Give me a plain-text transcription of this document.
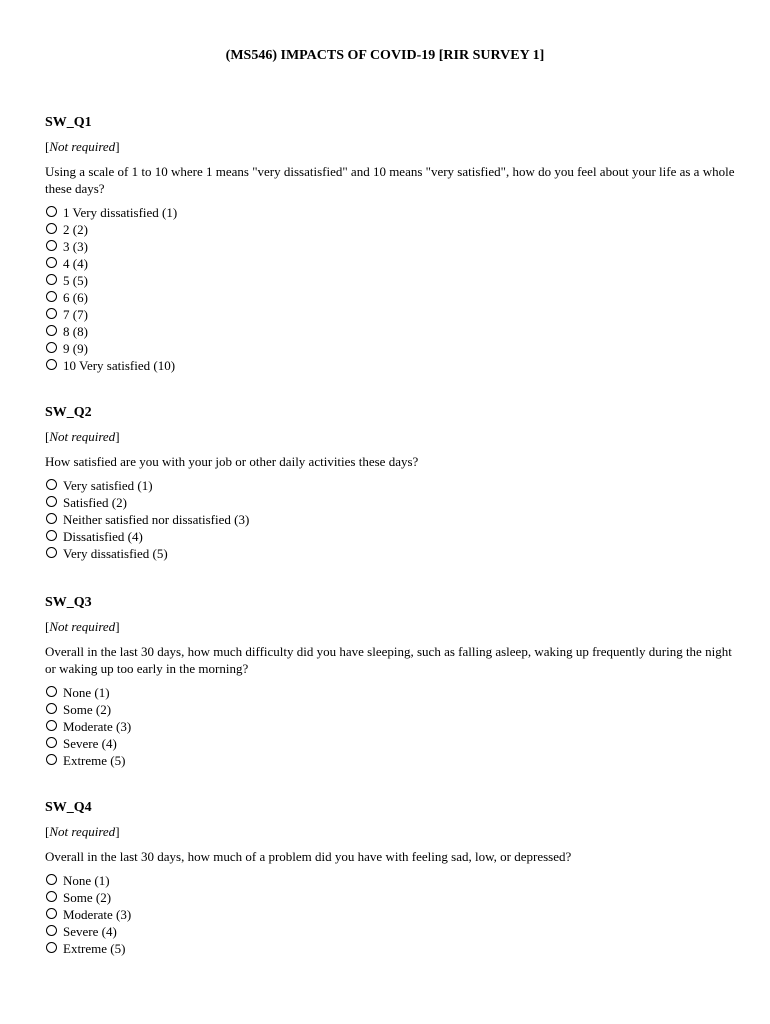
(MS546) IMPACTS OF COVID-19 [RIR SURVEY 1]
SW_Q1
[Not required]
Using a scale of 1 to 10 where 1 means "very dissatisfied" and 10 means "very satisfied", how do you feel about your life as a whole these days?
1 Very dissatisfied (1)
2 (2)
3 (3)
4 (4)
5 (5)
6 (6)
7 (7)
8 (8)
9 (9)
10 Very satisfied (10)
SW_Q2
[Not required]
How satisfied are you with your job or other daily activities these days?
Very satisfied (1)
Satisfied (2)
Neither satisfied nor dissatisfied (3)
Dissatisfied (4)
Very dissatisfied (5)
SW_Q3
[Not required]
Overall in the last 30 days, how much difficulty did you have sleeping, such as falling asleep, waking up frequently during the night or waking up too early in the morning?
None (1)
Some (2)
Moderate (3)
Severe (4)
Extreme (5)
SW_Q4
[Not required]
Overall in the last 30 days, how much of a problem did you have with feeling sad, low, or depressed?
None (1)
Some (2)
Moderate (3)
Severe (4)
Extreme (5)
